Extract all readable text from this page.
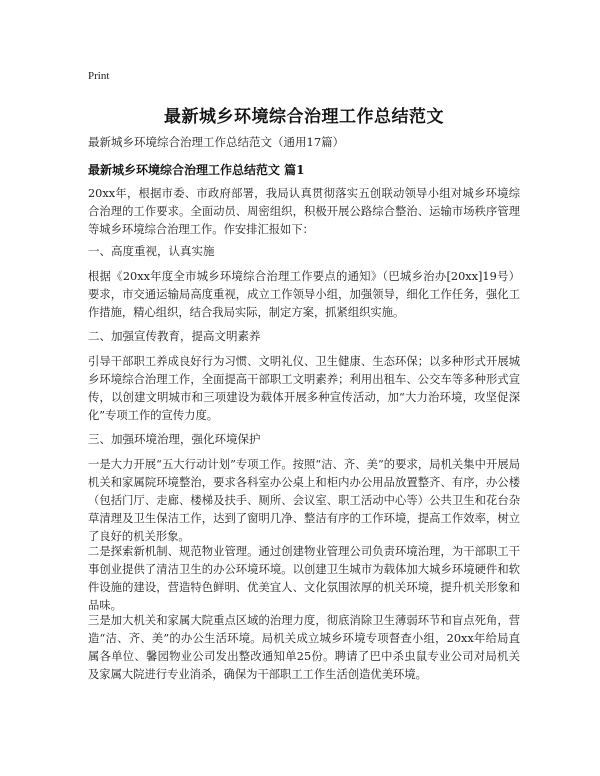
Print
最新城乡环境综合治理工作总结范文
最新城乡环境综合治理工作总结范文（通用17篇）
最新城乡环境综合治理工作总结范文 篇1
20xx年，根据市委、市政府部署，我局认真贯彻落实五创联动领导小组对城乡环境综合治理的工作要求。全面动员、周密组织，积极开展公路综合整治、运输市场秩序管理等城乡环境综合治理工作。作安排汇报如下：
一、高度重视，认真实施
根据《20xx年度全市城乡环境综合治理工作要点的通知》（巴城乡治办[20xx]19号）要求，市交通运输局高度重视，成立工作领导小组，加强领导，细化工作任务，强化工作措施，精心组织，结合我局实际，制定方案，抓紧组织实施。
二、加强宣传教育，提高文明素养
引导干部职工养成良好行为习惯、文明礼仪、卫生健康、生态环保；以多种形式开展城乡环境综合治理工作，全面提高干部职工文明素养；利用出租车、公交车等多种形式宣传，以创建文明城市和三项建设为载体开展多种宣传活动，加“大力治环境，攻坚促深化”专项工作的宣传力度。
三、加强环境治理，强化环境保护
一是大力开展“五大行动计划”专项工作。按照“洁、齐、美”的要求，局机关集中开展局机关和家属院环境整治，要求各科室办公桌上和柜内办公用品放置整齐、有序，办公楼（包括门厅、走廊、楼梯及扶手、厕所、会议室、职工活动中心等）公共卫生和花台杂草清理及卫生保洁工作，达到了窗明几净、整洁有序的工作环境，提高工作效率，树立了良好的机关形象。
二是探索新机制、规范物业管理。通过创建物业管理公司负责环境治理，为干部职工干事创业提供了清洁卫生的办公环境环境。以创建卫生城市为载体加大城乡环境硬件和软件设施的建设，营造特色鲜明、优美宜人、文化氛围浓厚的机关环境，提升机关形象和品味。
三是加大机关和家属大院重点区域的治理力度，彻底消除卫生薄弱环节和盲点死角，营造“洁、齐、美”的办公生活环境。局机关成立城乡环境专项督查小组，20xx年给局直属各单位、馨园物业公司发出整改通知单25份。聘请了巴中杀虫鼠专业公司对局机关及家属大院进行专业消杀，确保为干部职工工作生活创造优美环境。
